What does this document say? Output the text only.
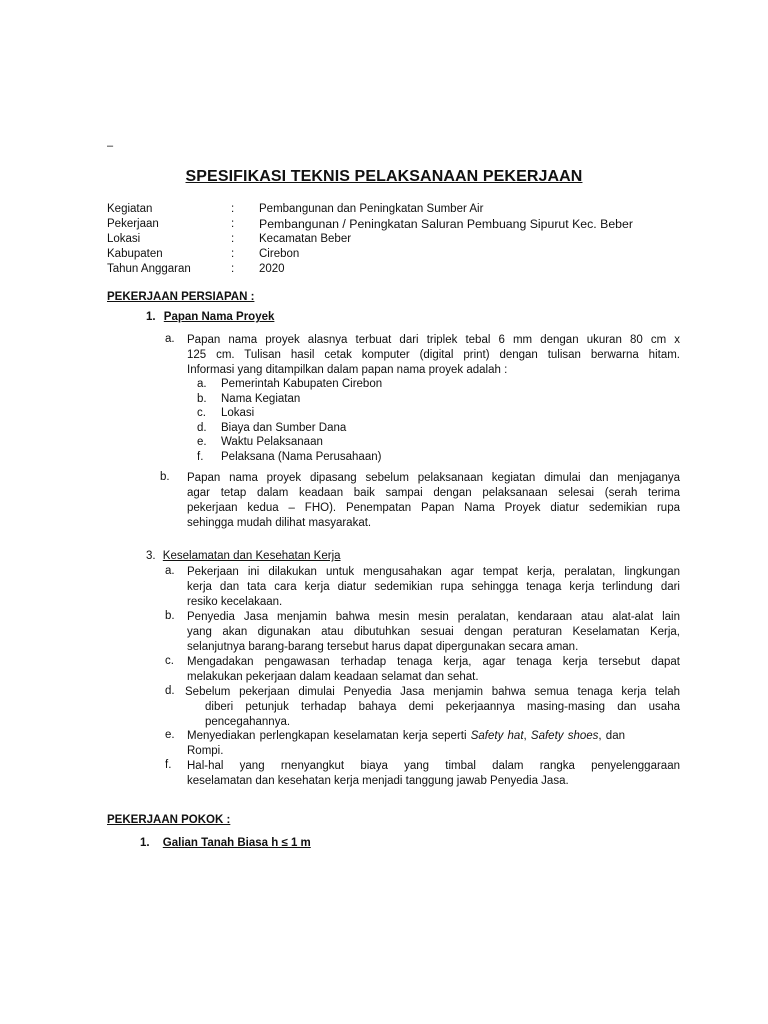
–
SPESIFIKASI TEKNIS PELAKSANAAN PEKERJAAN
Kegiatan	: Pembangunan dan Peningkatan Sumber Air
Pekerjaan	: Pembangunan / Peningkatan Saluran Pembuang Sipurut Kec. Beber
Lokasi	: Kecamatan Beber
Kabupaten	: Cirebon
Tahun Anggaran	: 2020
PEKERJAAN PERSIAPAN :
1. Papan Nama Proyek
a. Papan nama proyek alasnya terbuat dari triplek tebal 6 mm dengan ukuran 80 cm x
125 cm. Tulisan hasil cetak komputer (digital print) dengan tulisan berwarna hitam.
Informasi yang ditampilkan dalam papan nama proyek adalah :
a. Pemerintah Kabupaten Cirebon
b. Nama Kegiatan
c. Lokasi
d. Biaya dan Sumber Dana
e. Waktu Pelaksanaan
f. Pelaksana (Nama Perusahaan)
b. Papan nama proyek dipasang sebelum pelaksanaan kegiatan dimulai dan menjaganya
agar tetap dalam keadaan baik sampai dengan pelaksanaan selesai (serah terima
pekerjaan kedua – FHO). Penempatan Papan Nama Proyek diatur sedemikian rupa
sehingga mudah dilihat masyarakat.
3. Keselamatan dan Kesehatan Kerja
a. Pekerjaan ini dilakukan untuk mengusahakan agar tempat kerja, peralatan, lingkungan
kerja dan tata cara kerja diatur sedemikian rupa sehingga tenaga kerja terlindung dari
resiko kecelakaan.
b. Penyedia Jasa menjamin bahwa mesin mesin peralatan, kendaraan atau alat-alat lain
yang akan digunakan atau dibutuhkan sesuai dengan peraturan Keselamatan Kerja,
selanjutnya barang-barang tersebut harus dapat dipergunakan secara aman.
c. Mengadakan pengawasan terhadap tenaga kerja, agar tenaga kerja tersebut dapat
melakukan pekerjaan dalam keadaan selamat dan sehat.
d. Sebelum pekerjaan dimulai Penyedia Jasa menjamin bahwa semua tenaga kerja telah
diberi petunjuk terhadap bahaya demi pekerjaannya masing-masing dan usaha
pencegahannya.
e. Menyediakan perlengkapan keselamatan kerja seperti Safety hat, Safety shoes, dan
Rompi.
f. Hal-hal yang rnenyangkut biaya yang timbal dalam rangka penyelenggaraan
keselamatan dan kesehatan kerja menjadi tanggung jawab Penyedia Jasa.
PEKERJAAN POKOK :
1. Galian Tanah Biasa h ≤ 1 m
